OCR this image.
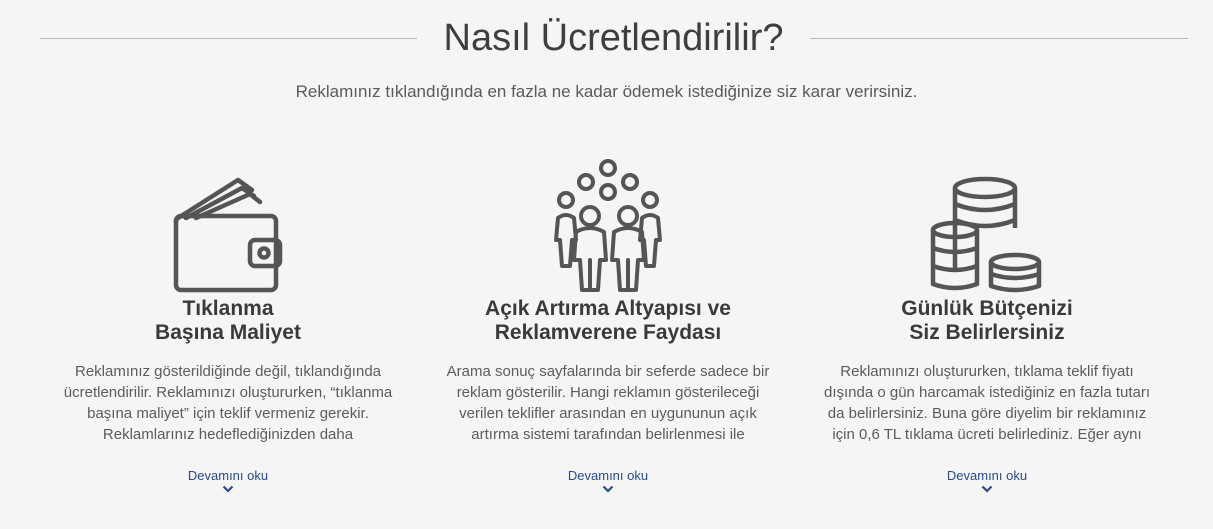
Nasıl Ücretlendirilir?

Reklamınız tıklandığında en fazla ne kadar ödemek istediğinize siz karar verirsiniz.

Tıklanma
Başına Maliyet

Reklamınız gösterildiğinde değil, tıklandığında ücretlendirilir. Reklamınızı oluştururken, “tıklanma başına maliyet” için teklif vermeniz gerekir. Reklamlarınız hedeflediğinizden daha

Devamını oku
Açık Artırma Altyapısı ve
Reklamverene Faydası

Arama sonuç sayfalarında bir seferde sadece bir reklam gösterilir. Hangi reklamın gösterileceği verilen teklifler arasından en uygununun açık artırma sistemi tarafından belirlenmesi ile

Devamını oku
Günlük Bütçenizi
Siz Belirlersiniz

Reklamınızı oluştururken, tıklama teklif fiyatı dışında o gün harcamak istediğiniz en fazla tutarı da belirlersiniz. Buna göre diyelim bir reklamınız için 0,6 TL tıklama ücreti belirlediniz. Eğer aynı

Devamını oku
